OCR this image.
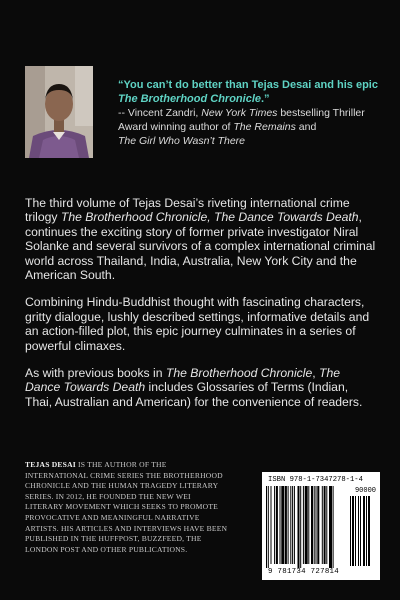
“You can’t do better than Tejas Desai and his epic The Brotherhood Chronicle.”
-- Vincent Zandri, New York Times bestselling Thriller Award winning author of The Remains and
The Girl Who Wasn’t There

The third volume of Tejas Desai’s riveting international crime trilogy The Brotherhood Chronicle, The Dance Towards Death, continues the exciting story of former private investigator Niral Solanke and several survivors of a complex international criminal world across Thailand, India, Australia, New York City and the American South.

Combining Hindu-Buddhist thought with fascinating characters, gritty dialogue, lushly described settings, informative details and an action-filled plot, this epic journey culminates in a series of powerful climaxes.

As with previous books in The Brotherhood Chronicle, The Dance Towards Death includes Glossaries of Terms (Indian, Thai, Australian and American) for the convenience of readers.

TEJAS DESAI IS THE AUTHOR OF THE INTERNATIONAL CRIME SERIES THE BROTHERHOOD CHRONICLE AND THE HUMAN TRAGEDY LITERARY SERIES. IN 2012, HE FOUNDED THE NEW WEI LITERARY MOVEMENT WHICH SEEKS TO PROMOTE PROVOCATIVE AND MEANINGFUL NARRATIVE ARTISTS. HIS ARTICLES AND INTERVIEWS HAVE BEEN PUBLISHED IN THE HUFFPOST, BUZZFEED, THE LONDON POST AND OTHER PUBLICATIONS.
ISBN 978-1-7347278-1-4
90000
9 781734 727814
